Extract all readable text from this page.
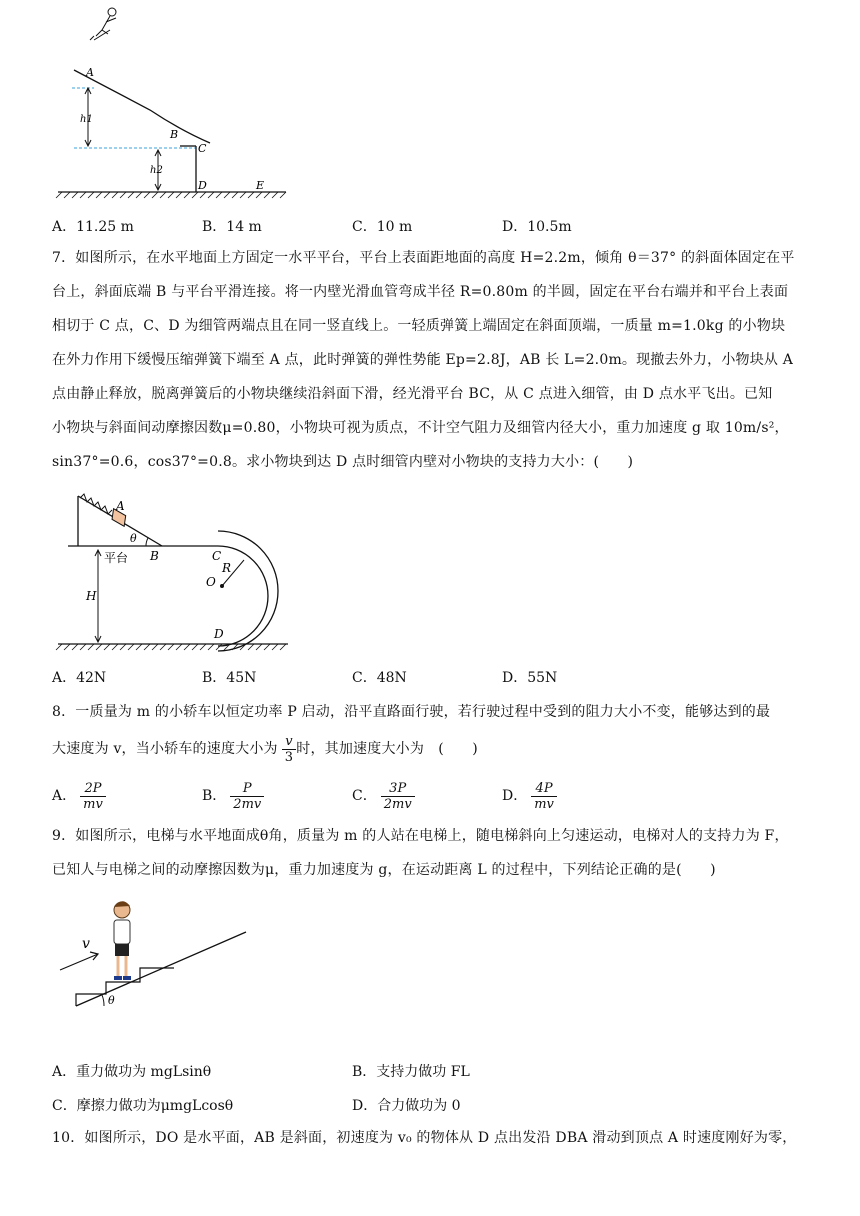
A
B
C
D	E
h1
h2
A．11.25 m	B．14 m	C．10 m	D．10.5m
7．如图所示，在水平地面上方固定一水平平台，平台上表面距地面的高度 H=2.2m，倾角 θ＝37° 的斜面体固定在平
台上，斜面底端 B 与平台平滑连接。将一内壁光滑血管弯成半径 R=0.80m 的半圆，固定在平台右端并和平台上表面
相切于 C 点，C、D 为细管两端点且在同一竖直线上。一轻质弹簧上端固定在斜面顶端，一质量 m=1.0kg 的小物块
在外力作用下缓慢压缩弹簧下端至 A 点，此时弹簧的弹性势能 Ep=2.8J，AB 长 L=2.0m。现撤去外力，小物块从 A
点由静止释放，脱离弹簧后的小物块继续沿斜面下滑，经光滑平台 BC，从 C 点进入细管，由 D 点水平飞出。已知
小物块与斜面间动摩擦因数μ=0.80，小物块可视为质点，不计空气阻力及细管内径大小，重力加速度 g 取 10m/s²，
sin37°=0.6，cos37°=0.8。求小物块到达 D 点时细管内壁对小物块的支持力大小：(　　)
A
θ
B
平台	C
R
O
H
D
A．42N	B．45N	C．48N	D．55N
8．一质量为 m 的小轿车以恒定功率 P 启动，沿平直路面行驶，若行驶过程中受到的阻力大小不变，能够达到的最
大速度为 v，当小轿车的速度大小为 $\frac{v}{3}$ 时，其加速度大小为　(　　)
A． $\frac{2P}{mv}$	B． $\frac{P}{2mv}$	C． $\frac{3P}{2mv}$	D． $\frac{4P}{mv}$
9．如图所示，电梯与水平地面成θ角，质量为 m 的人站在电梯上，随电梯斜向上匀速运动，电梯对人的支持力为 F，
已知人与电梯之间的动摩擦因数为μ，重力加速度为 g，在运动距离 L 的过程中，下列结论正确的是(　　)
v
θ
A．重力做功为 mgLsinθ	B．支持力做功 FL
C．摩擦力做功为μmgLcosθ	D．合力做功为 0
10．如图所示，DO 是水平面，AB 是斜面，初速度为 v₀ 的物体从 D 点出发沿 DBA 滑动到顶点 A 时速度刚好为零，
